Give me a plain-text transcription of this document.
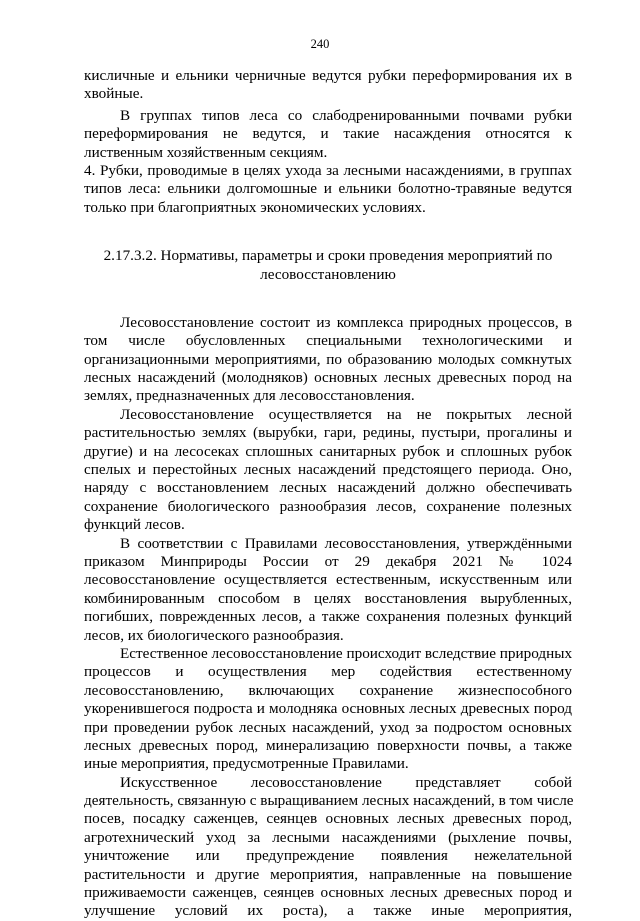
240
кисличные и ельники черничные ведутся рубки переформирования их в
хвойные.
В группах типов леса со слабодренированными почвами рубки
переформирования не ведутся, и такие насаждения относятся к
лиственным хозяйственным секциям.
4. Рубки, проводимые в целях ухода за лесными насаждениями, в группах
типов леса: ельники долгомошные и ельники болотно-травяные ведутся
только при благоприятных экономических условиях.
2.17.3.2. Нормативы, параметры и сроки проведения мероприятий по
лесовосстановлению
Лесовосстановление состоит из комплекса природных процессов, в
том числе обусловленных специальными технологическими и
организационными мероприятиями, по образованию молодых сомкнутых
лесных насаждений (молодняков) основных лесных древесных пород на
землях, предназначенных для лесовосстановления.
Лесовосстановление осуществляется на не покрытых лесной
растительностью землях (вырубки, гари, редины, пустыри, прогалины и
другие) и на лесосеках сплошных санитарных рубок и сплошных рубок
спелых и перестойных лесных насаждений предстоящего периода. Оно,
наряду с восстановлением лесных насаждений должно обеспечивать
сохранение биологического разнообразия лесов, сохранение полезных
функций лесов.
В соответствии с Правилами лесовосстановления, утверждёнными
приказом Минприроды России от 29 декабря 2021 № 1024
лесовосстановление осуществляется естественным, искусственным или
комбинированным способом в целях восстановления вырубленных,
погибших, поврежденных лесов, а также сохранения полезных функций
лесов, их биологического разнообразия.
Естественное лесовосстановление происходит вследствие природных
процессов и осуществления мер содействия естественному
лесовосстановлению, включающих сохранение жизнеспособного
укоренившегося подроста и молодняка основных лесных древесных пород
при проведении рубок лесных насаждений, уход за подростом основных
лесных древесных пород, минерализацию поверхности почвы, а также
иные мероприятия, предусмотренные Правилами.
Искусственное лесовосстановление представляет собой
деятельность, связанную с выращиванием лесных насаждений, в том числе
посев, посадку саженцев, сеянцев основных лесных древесных пород,
агротехнический уход за лесными насаждениями (рыхление почвы,
уничтожение или предупреждение появления нежелательной
растительности и другие мероприятия, направленные на повышение
приживаемости саженцев, сеянцев основных лесных древесных пород и
улучшение условий их роста), а также иные мероприятия,
